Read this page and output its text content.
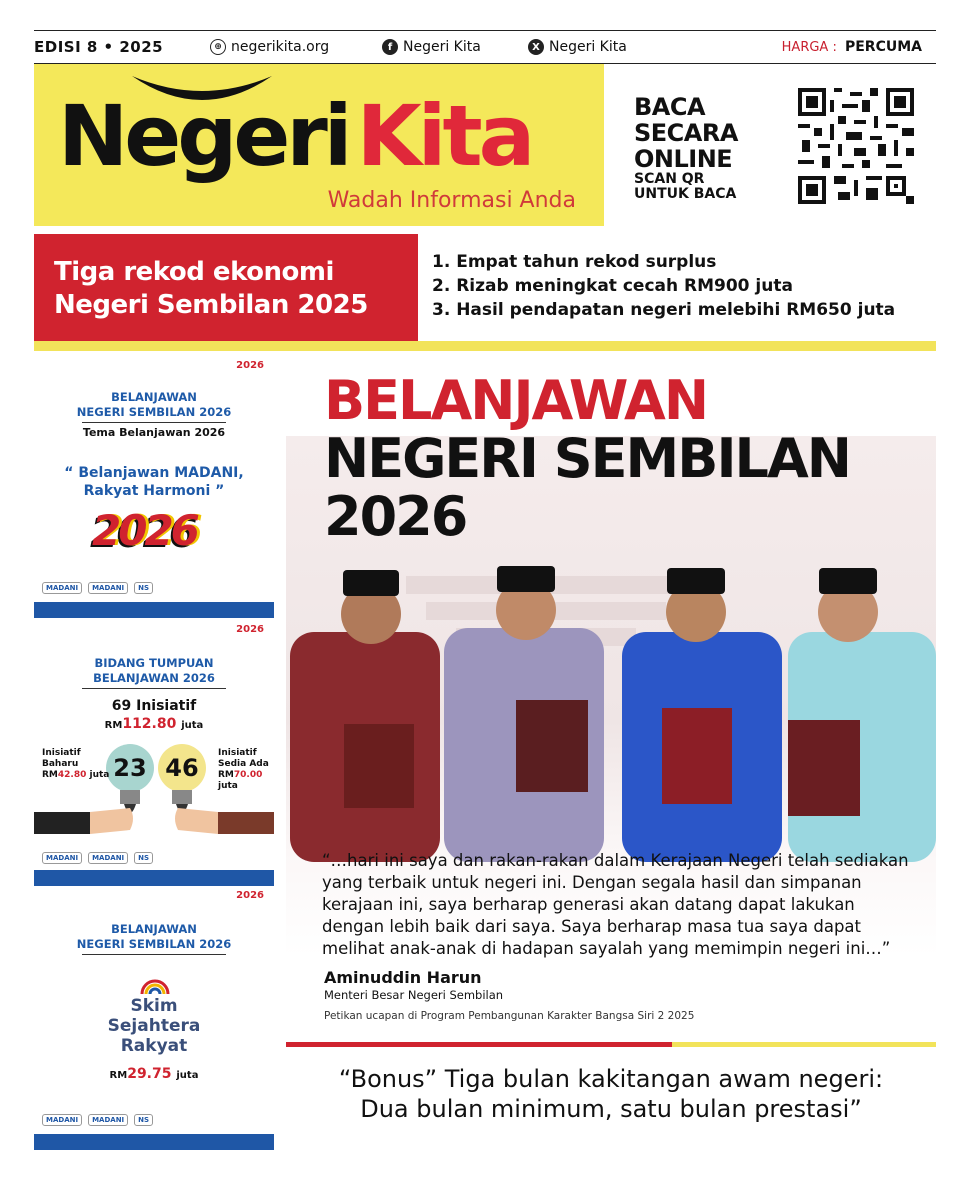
EDISI 8 • 2025	⊕ negerikita.org	f Negeri Kita	X Negeri Kita	HARGA : PERCUMA
NegeriKita
Wadah Informasi Anda
BACA
SECARA
ONLINE
SCAN QR
UNTUK BACA
Tiga rekod ekonomi
Negeri Sembilan 2025
1. Empat tahun rekod surplus
2. Rizab meningkat cecah RM900 juta
3. Hasil pendapatan negeri melebihi RM650 juta
2026
BELANJAWAN
NEGERI SEMBILAN 2026
Tema Belanjawan 2026
“ Belanjawan MADANI,
Rakyat Harmoni ”
2026
MADANI MADANI NS
2026
BIDANG TUMPUAN
BELANJAWAN 2026
69 Inisiatif
RM112.80 juta
23 46
Inisiatif
Baharu
RM42.80 juta
Inisiatif
Sedia Ada
RM70.00 juta
MADANI MADANI NS
2026
BELANJAWAN
NEGERI SEMBILAN 2026
Skim
Sejahtera
Rakyat
RM29.75 juta
MADANI MADANI NS
BELANJAWAN
NEGERI SEMBILAN
2026
“…hari ini saya dan rakan-rakan dalam Kerajaan Negeri telah sediakan yang terbaik untuk negeri ini. Dengan segala hasil dan simpanan kerajaan ini, saya berharap generasi akan datang dapat lakukan dengan lebih baik dari saya. Saya berharap masa tua saya dapat melihat anak-anak di hadapan sayalah yang memimpin negeri ini…”
Aminuddin Harun
Menteri Besar Negeri Sembilan
Petikan ucapan di Program Pembangunan Karakter Bangsa Siri 2 2025
“Bonus” Tiga bulan kakitangan awam negeri:
Dua bulan minimum, satu bulan prestasi”
